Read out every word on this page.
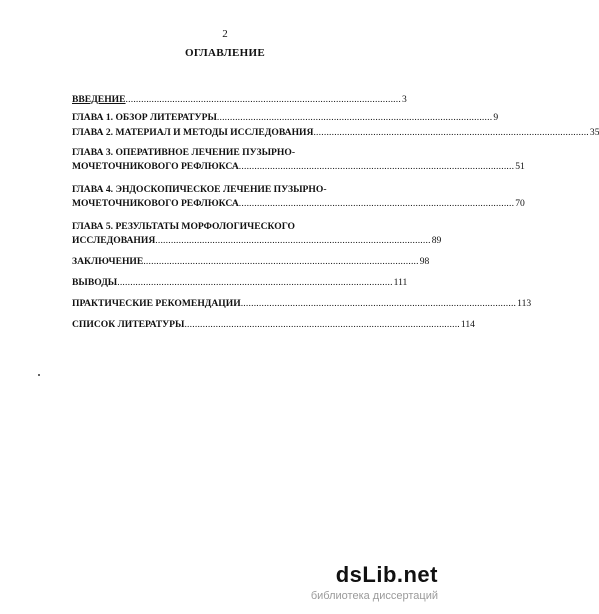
2
ОГЛАВЛЕНИЕ
ВВЕДЕНИЕ .......................................................................................................... 3
ГЛАВА 1. ОБЗОР ЛИТЕРАТУРЫ .......................................................................................................... 9
ГЛАВА 2. МАТЕРИАЛ И МЕТОДЫ ИССЛЕДОВАНИЯ .......................................................................................................... 35
ГЛАВА 3. ОПЕРАТИВНОЕ ЛЕЧЕНИЕ ПУЗЫРНО-
МОЧЕТОЧНИКОВОГО РЕФЛЮКСА .......................................................................................................... 51
ГЛАВА 4. ЭНДОСКОПИЧЕСКОЕ ЛЕЧЕНИЕ ПУЗЫРНО-
МОЧЕТОЧНИКОВОГО РЕФЛЮКСА .......................................................................................................... 70
ГЛАВА 5. РЕЗУЛЬТАТЫ МОРФОЛОГИЧЕСКОГО
ИССЛЕДОВАНИЯ .......................................................................................................... 89
ЗАКЛЮЧЕНИЕ .......................................................................................................... 98
ВЫВОДЫ .......................................................................................................... 111
ПРАКТИЧЕСКИЕ РЕКОМЕНДАЦИИ .......................................................................................................... 113
СПИСОК ЛИТЕРАТУРЫ .......................................................................................................... 114
dsLib.net
библиотека диссертаций
